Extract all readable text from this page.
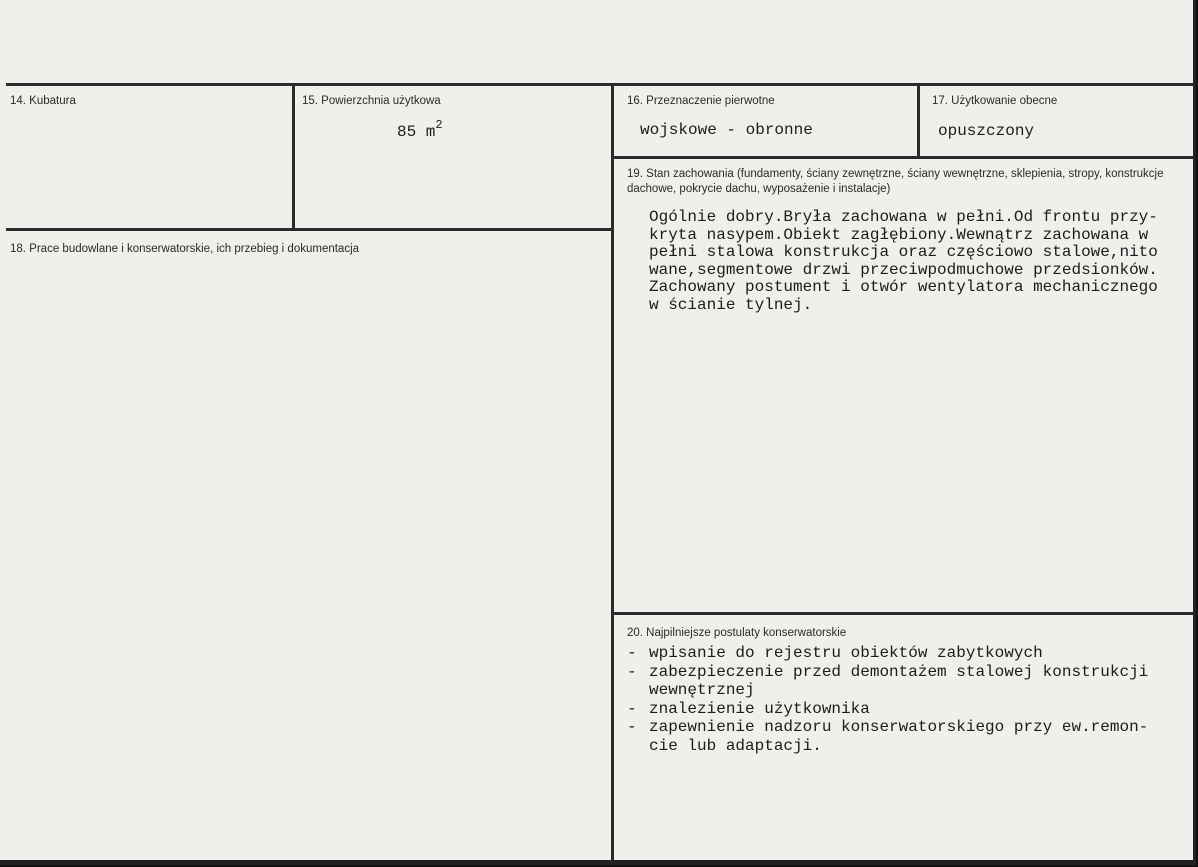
14. Kubatura	15. Powierzchnia użytkowa
85 $m^2$
16. Przeznaczenie pierwotne
wojskowe - obronne
17. Użytkowanie obecne
opuszczony
18. Prace budowlane i konserwatorskie, ich przebieg i dokumentacja
19. Stan zachowania (fundamenty, ściany zewnętrzne, ściany wewnętrzne, sklepienia, stropy, konstrukcje dachowe, pokrycie dachu, wyposażenie i instalacje)
Ogólnie dobry.Bryła zachowana w pełni.Od frontu przy-
kryta nasypem.Obiekt zagłębiony.Wewnątrz zachowana w
pełni stalowa konstrukcja oraz częściowo stalowe,nito
wane,segmentowe drzwi przeciwpodmuchowe przedsionków.
Zachowany postument i otwór wentylatora mechanicznego
w ścianie tylnej.
20. Najpilniejsze postulaty konserwatorskie
- wpisanie do rejestru obiektów zabytkowych
- zabezpieczenie przed demontażem stalowej konstrukcji
wewnętrznej
- znalezienie użytkownika
- zapewnienie nadzoru konserwatorskiego przy ew.remon-
cie lub adaptacji.
